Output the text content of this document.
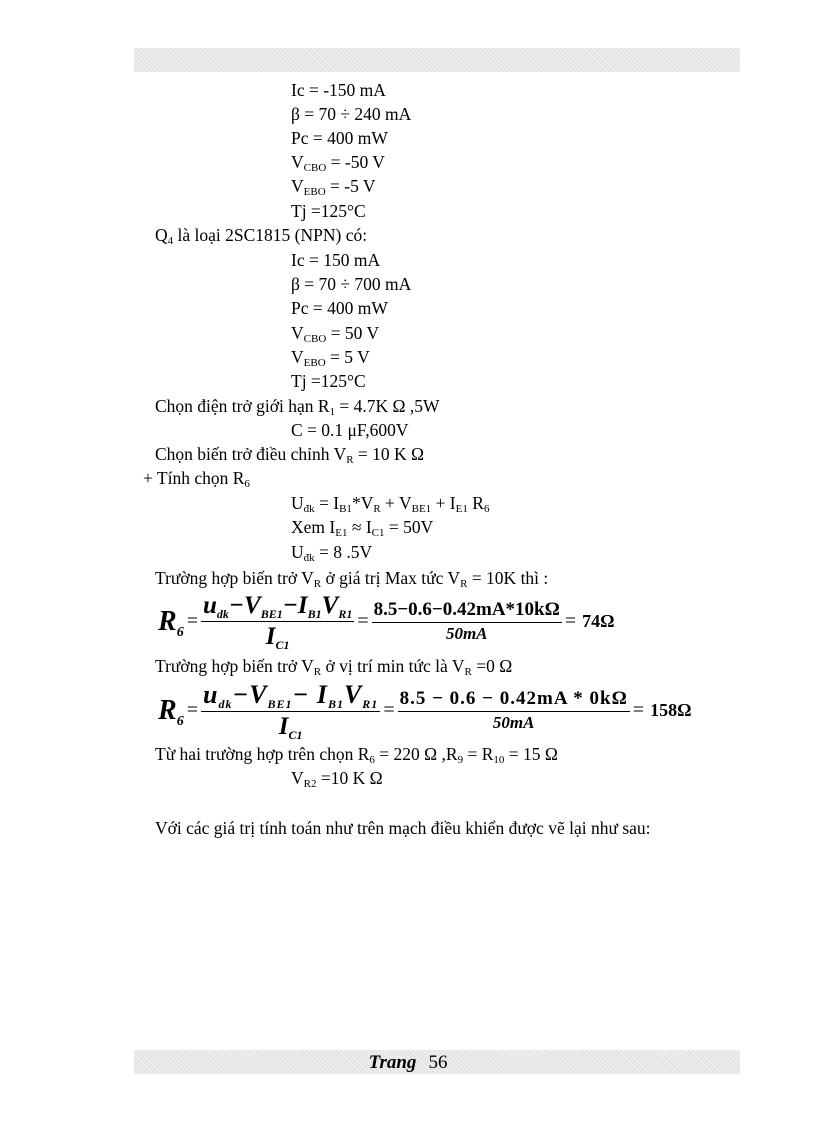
Ic = -150 mA
β = 70 ÷ 240 mA
Pc = 400 mW
$V_{CBO} = -50$ V
$V_{EBO} = -5$ V
Tj =125°C
$Q_4$ là loại 2SC1815 (NPN) có:
Ic = 150 mA
β = 70 ÷ 700 mA
Pc = 400 mW
$V_{CBO} = 50$ V
$V_{EBO} = 5$ V
Tj =125°C
Chọn điện trở giới hạn $R_1 = 4.7K$ Ω ,5W
C = 0.1 μF,600V
Chọn biến trở điều chỉnh $V_R = 10$ K Ω
+ Tính chọn $R_6$
$U_{đk} = I_{B1}*V_R + V_{BE1} + I_{E1}$ $R_6$
Xem $I_{E1} \approx I_{C1} = 50V$
$U_{đk} = 8$ .5V
Trường hợp biến trở $V_R$ ở giá trị Max tức $V_R = 10K$ thì :
$R_6 = \frac{u_{dk}-V_{BE1}-I_{B1}V_{R1}}{I_{C1}} = \frac{8.5-0.6-0.42mA*10k\Omega}{50mA} = 74\Omega$
Trường hợp biến trở $V_R$ ở vị trí min tức là $V_R =0$ Ω
$R_6 = \frac{u_{dk}-V_{BE1}- I_{B1}V_{R1}}{I_{C1}} = \frac{8.5 - 0.6 - 0.42mA * 0k\Omega}{50mA} = 158\Omega$
Từ hai trường hợp trên chọn $R_6 = 220$ Ω $,R_9 = R_{10} = 15$ Ω
$V_{R2} =10$ K Ω
Với các giá trị tính toán như trên mạch điều khiển được vẽ lại như sau:
Trang 56
